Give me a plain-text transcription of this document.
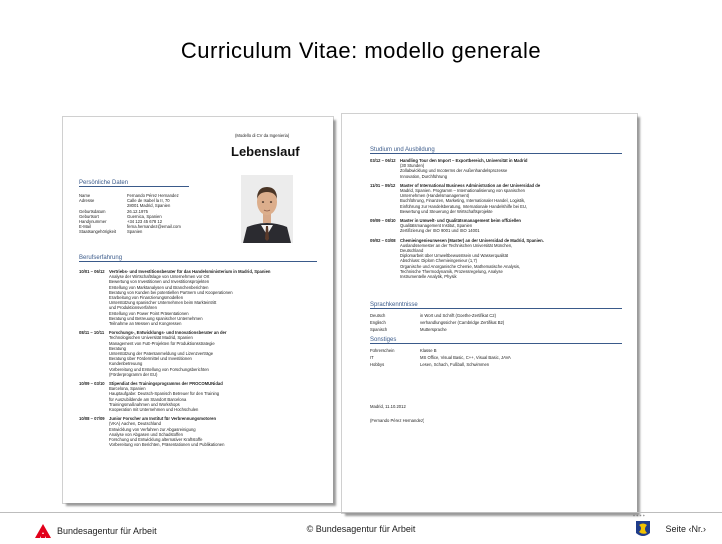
Curriculum Vitae: modello generale
(Modello di CV da Ingenieria)
Lebenslauf
Persönliche Daten
Name	Fernando Pérez Hernandez
Adresse	Calle de Isabel la II, 70
28001 Madrid, Spanien
Geburtsdatum	26.12.1975
Geburtsort	Guernica, Spanien
Handynummer	+34 123 45 678 12
E-Mail	ferna.hernandez@email.com
Staatsangehörigkeit	Spanien
Berufserfahrung
10/01 – 06/12	Vertriebs- und Investitionsberater für das Handelsministerium in Madrid, Spanien
Analyse der Wirtschaftslage von Unternehmen vor Ort
Bewertung von Investitionen und Investitionsprojekten
Erstellung von Marktanalysen und Branchenberichten
Beratung von Kunden bei potentiellen Partnern und Kooperationen
Erarbeitung von Finanzierungsmodellen
Unterstützung spanischer Unternehmen beim Markteintritt
und Produktionsverfahren
Erstellung von Power Point Präsentationen
Beratung und Betreuung spanischer Unternehmen
Teilnahme an Messen und Kongressen
08/11 – 10/11	Forschungs-, Entwicklungs- und Innovationsberater an der
Technologischen Universität Madrid, Spanien
Management von FuE-Projekten für Produktionsstrategie
Beratung
Unterstützung der Patentanmeldung und Lizenzverträge
Beratung über Fördermittel und Investitionen
Kundenbetreuung
Vorbereitung und Erstellung von Forschungsberichten
(Förderprogramm der EU)
10/09 – 03/10	Stipendiat des Trainingsprogramms der PROCOMUNidad
Barcelona, Spanien
Hauptaufgabe: Deutsch-Spanisch Betreuer für den Training
für Auszubildende am Standort Barcelona
Trainingsmaßnahmen und Workshops
Kooperation mit Unternehmen und Hochschulen
10/08 – 07/09	Junior Forscher am Institut für Verbrennungsmotoren
(VKA) Aachen, Deutschland
Entwicklung von Verfahren zur Abgasreinigung
Analyse von Abgasen und Schadstoffen
Forschung und Entwicklung alternativer Kraftstoffe
Vorbereitung von Berichten, Präsentationen und Publikationen
Studium und Ausbildung
03/12 – 06/12	Handling Tour den Import – Exportbereich, Universität in Madrid
(30 Stunden)
Zollabwicklung und Incoterms der Außenhandelsprozesse
Innovation, Durchführung
11/01 – 09/12	Master of International Business Administration an der Universidad de
Madrid, Spanien. Programm – Internationalisierung von spanischen
Unternehmen (Handelsmanagement)
Buchführung, Finanzen, Marketing, Internationaler Handel, Logistik,
Einführung zur Handelsberatung, Internationale Handelshilfe bei EU,
Bewertung und Steuerung der Wirtschaftsprojekte
09/09 – 08/10	Master in Umwelt- und Qualitätsmanagement beim offiziellen
Qualitätsmanagement Institut, Spanien
Zertifizierung der ISO 9001 und ISO 14001
09/02 – 03/08	Chemieingenieurwesen (Master) an der Universidad de Madrid, Spanien.
Auslandssemester an der Technischen Universität München,
Deutschland
Diplomarbeit über Umweltbewusstsein und Wasserqualität
Abschluss: Diplom Chemieingenieur (1,7)
Organische und Anorganische Chemie, Mathematische Analysis,
Technische Thermodynamik, Prozessregelung, Analyse
Instrumentelle Analytik, Physik
Sprachkenntnisse
Deutsch	in Wort und Schrift (Goethe-Zertifikat C2)
Englisch	verhandlungssicher (Cambridge Zertifikat B2)
Spanisch	Muttersprache
Sonstiges
Führerschein	Klasse B
IT	MS Office, Visual Basic, C++, Visual Basic, JAVA
Hobbys	Lesen, Schach, Fußball, Schwimmen
Madrid, 11.10.2012
(Fernando Pérez Hernandez)
Bundesagentur für Arbeit	© Bundesagentur für Arbeit
* * * *
Seite ‹Nr.›
